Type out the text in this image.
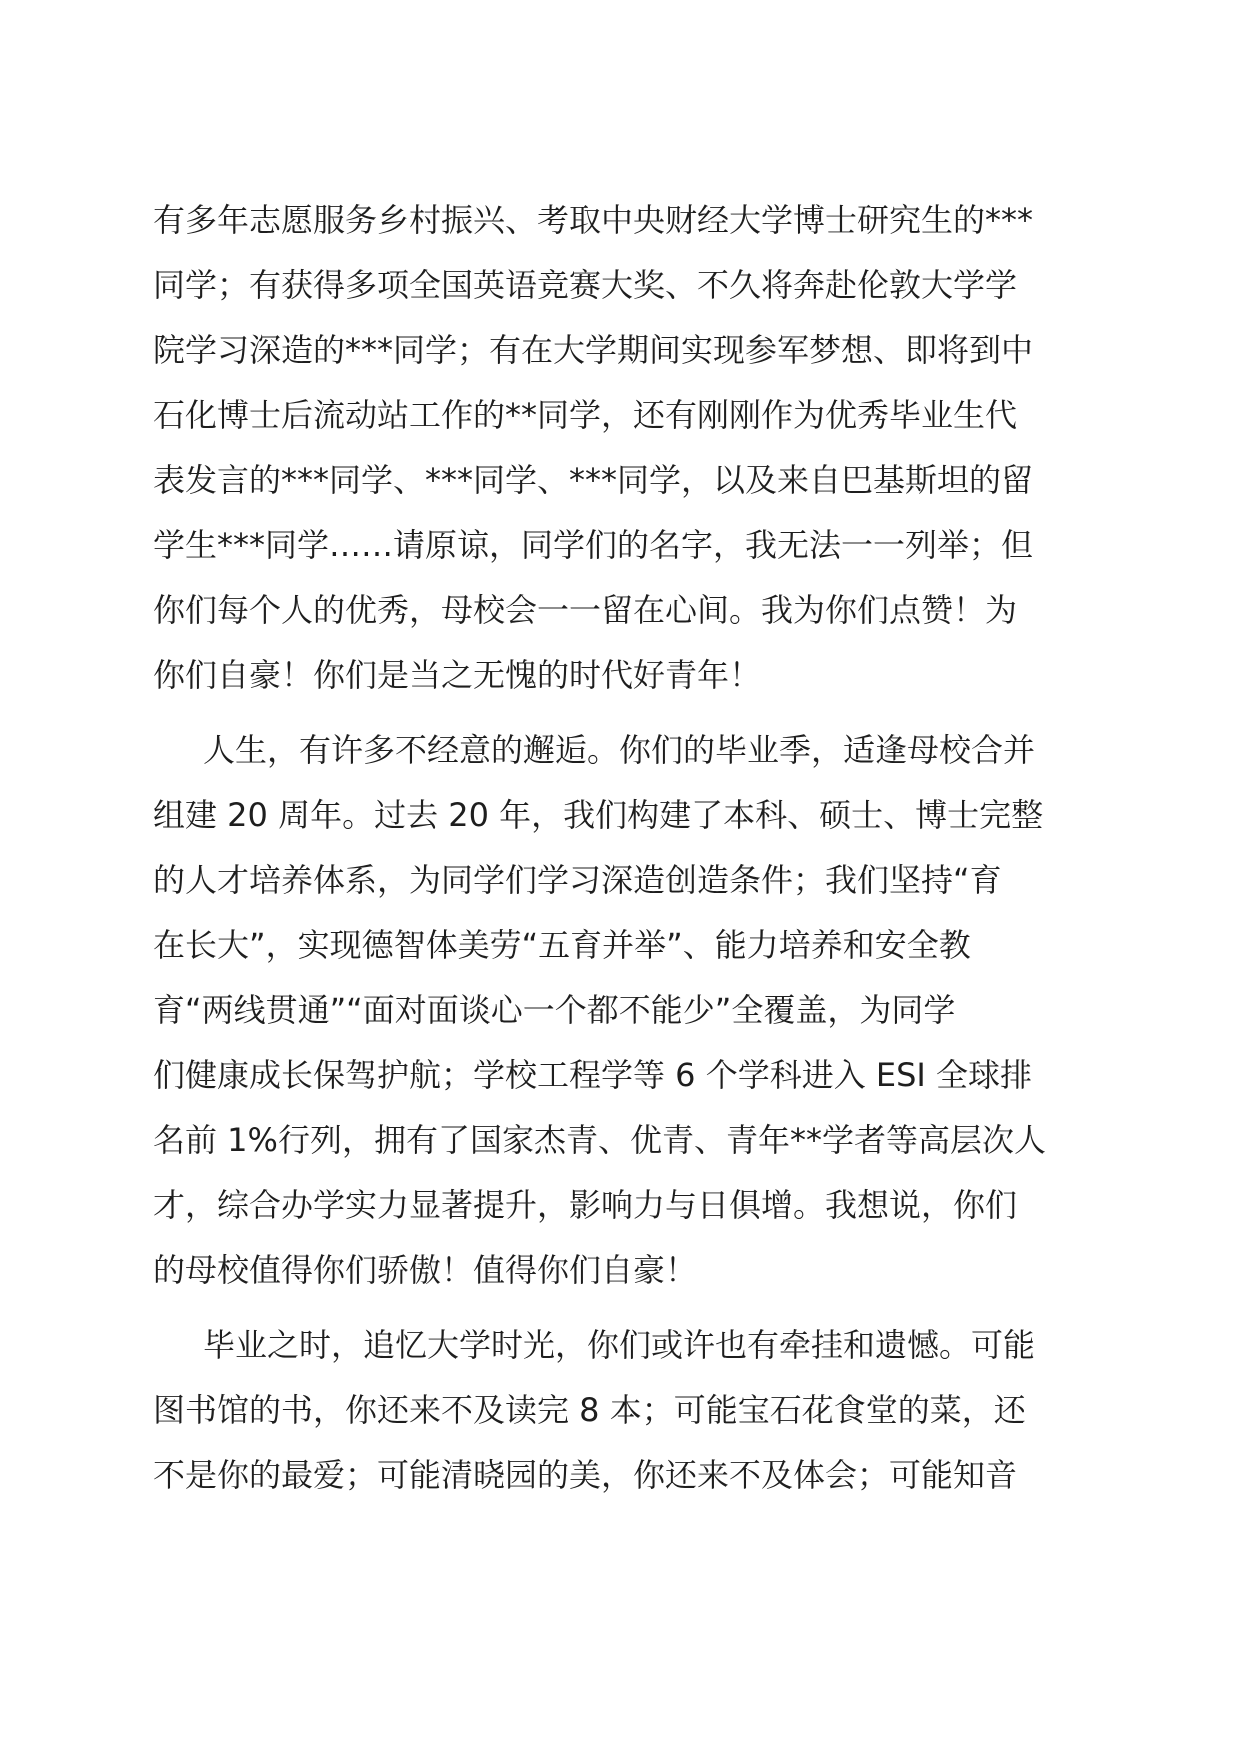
有多年志愿服务乡村振兴、考取中央财经大学博士研究生的***
同学；有获得多项全国英语竞赛大奖、不久将奔赴伦敦大学学
院学习深造的***同学；有在大学期间实现参军梦想、即将到中
石化博士后流动站工作的**同学，还有刚刚作为优秀毕业生代
表发言的***同学、***同学、***同学，以及来自巴基斯坦的留
学生***同学……请原谅，同学们的名字，我无法一一列举；但
你们每个人的优秀，母校会一一留在心间。我为你们点赞！为
你们自豪！你们是当之无愧的时代好青年！

人生，有许多不经意的邂逅。你们的毕业季，适逢母校合并
组建 20 周年。过去 20 年，我们构建了本科、硕士、博士完整
的人才培养体系，为同学们学习深造创造条件；我们坚持“育
在长大”，实现德智体美劳“五育并举”、能力培养和安全教
育“两线贯通”“面对面谈心一个都不能少”全覆盖，为同学
们健康成长保驾护航；学校工程学等 6 个学科进入 ESI 全球排
名前 1%行列，拥有了国家杰青、优青、青年**学者等高层次人
才，综合办学实力显著提升，影响力与日俱增。我想说，你们
的母校值得你们骄傲！值得你们自豪！

毕业之时，追忆大学时光，你们或许也有牵挂和遗憾。可能
图书馆的书，你还来不及读完 8 本；可能宝石花食堂的菜，还
不是你的最爱；可能清晓园的美，你还来不及体会；可能知音
